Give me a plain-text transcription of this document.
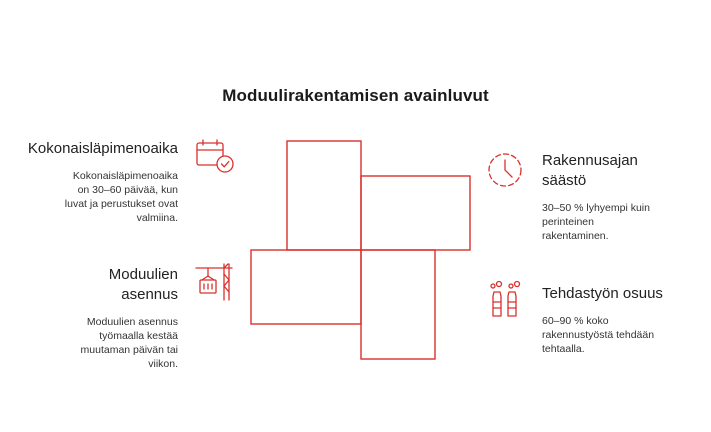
Moduulirakentamisen avainluvut
Kokonaisläpimenoaika
Kokonaisläpimenoaika
on 30–60 päivää, kun
luvat ja perustukset ovat
valmiina.
Rakennusajan
säästö
30–50 % lyhyempi kuin
perinteinen
rakentaminen.
Moduulien
asennus
Moduulien asennus
työmaalla kestää
muutaman päivän tai
viikon.
Tehdastyön osuus
60–90 % koko
rakennustyöstä tehdään
tehtaalla.
